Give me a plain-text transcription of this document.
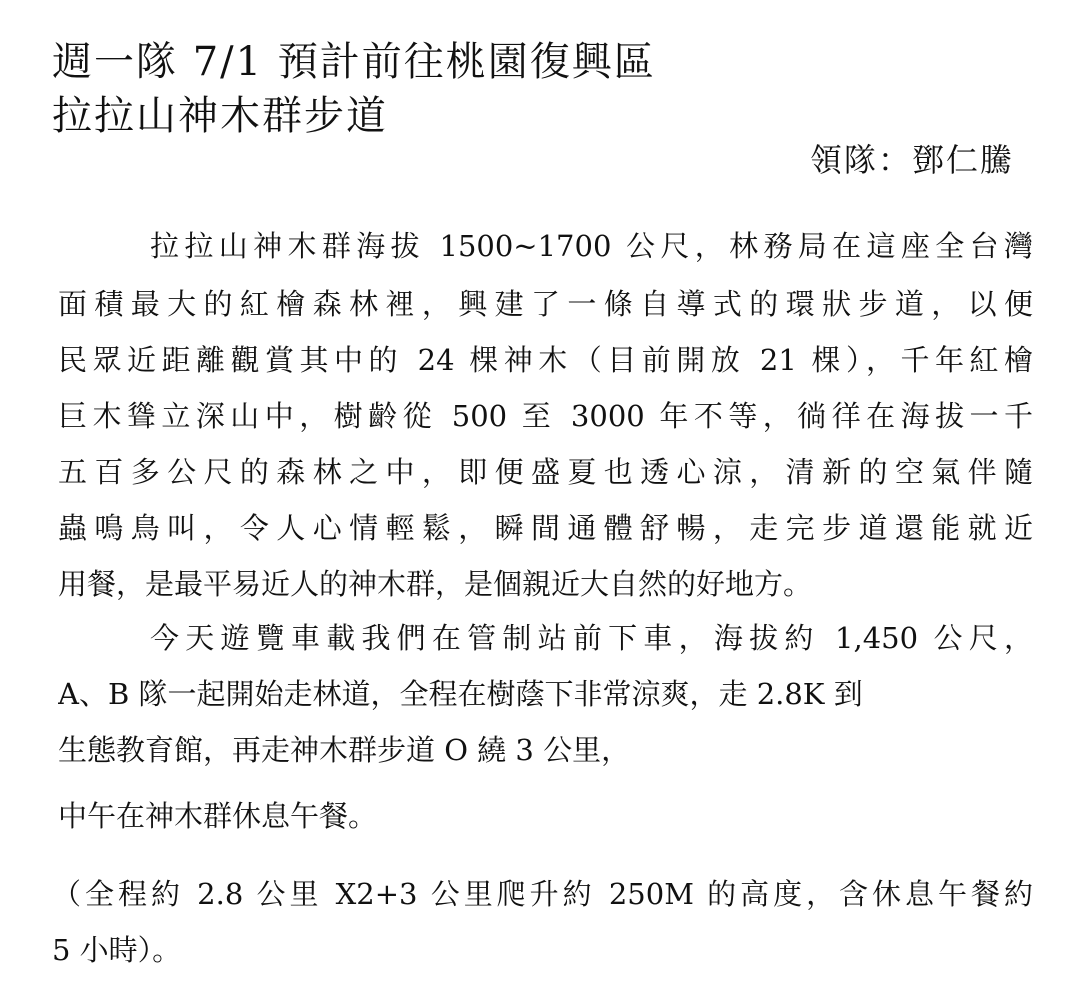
週一隊 7/1 預計前往桃園復興區
拉拉山神木群步道
領隊：鄧仁騰
拉拉山神木群海拔 1500~1700 公尺，林務局在這座全台灣
面積最大的紅檜森林裡，興建了一條自導式的環狀步道，以便
民眾近距離觀賞其中的 24 棵神木（目前開放 21 棵），千年紅檜
巨木聳立深山中，樹齡從 500 至 3000 年不等，徜徉在海拔一千
五百多公尺的森林之中，即便盛夏也透心涼，清新的空氣伴隨
蟲鳴鳥叫，令人心情輕鬆，瞬間通體舒暢，走完步道還能就近
用餐，是最平易近人的神木群，是個親近大自然的好地方。
今天遊覽車載我們在管制站前下車，海拔約 1,450 公尺，
A、B 隊一起開始走林道，全程在樹蔭下非常涼爽，走 2.8K 到
生態教育館，再走神木群步道 O 繞 3 公里，
中午在神木群休息午餐。
（全程約 2.8 公里 X2+3 公里爬升約 250M 的高度，含休息午餐約
5 小時）。
